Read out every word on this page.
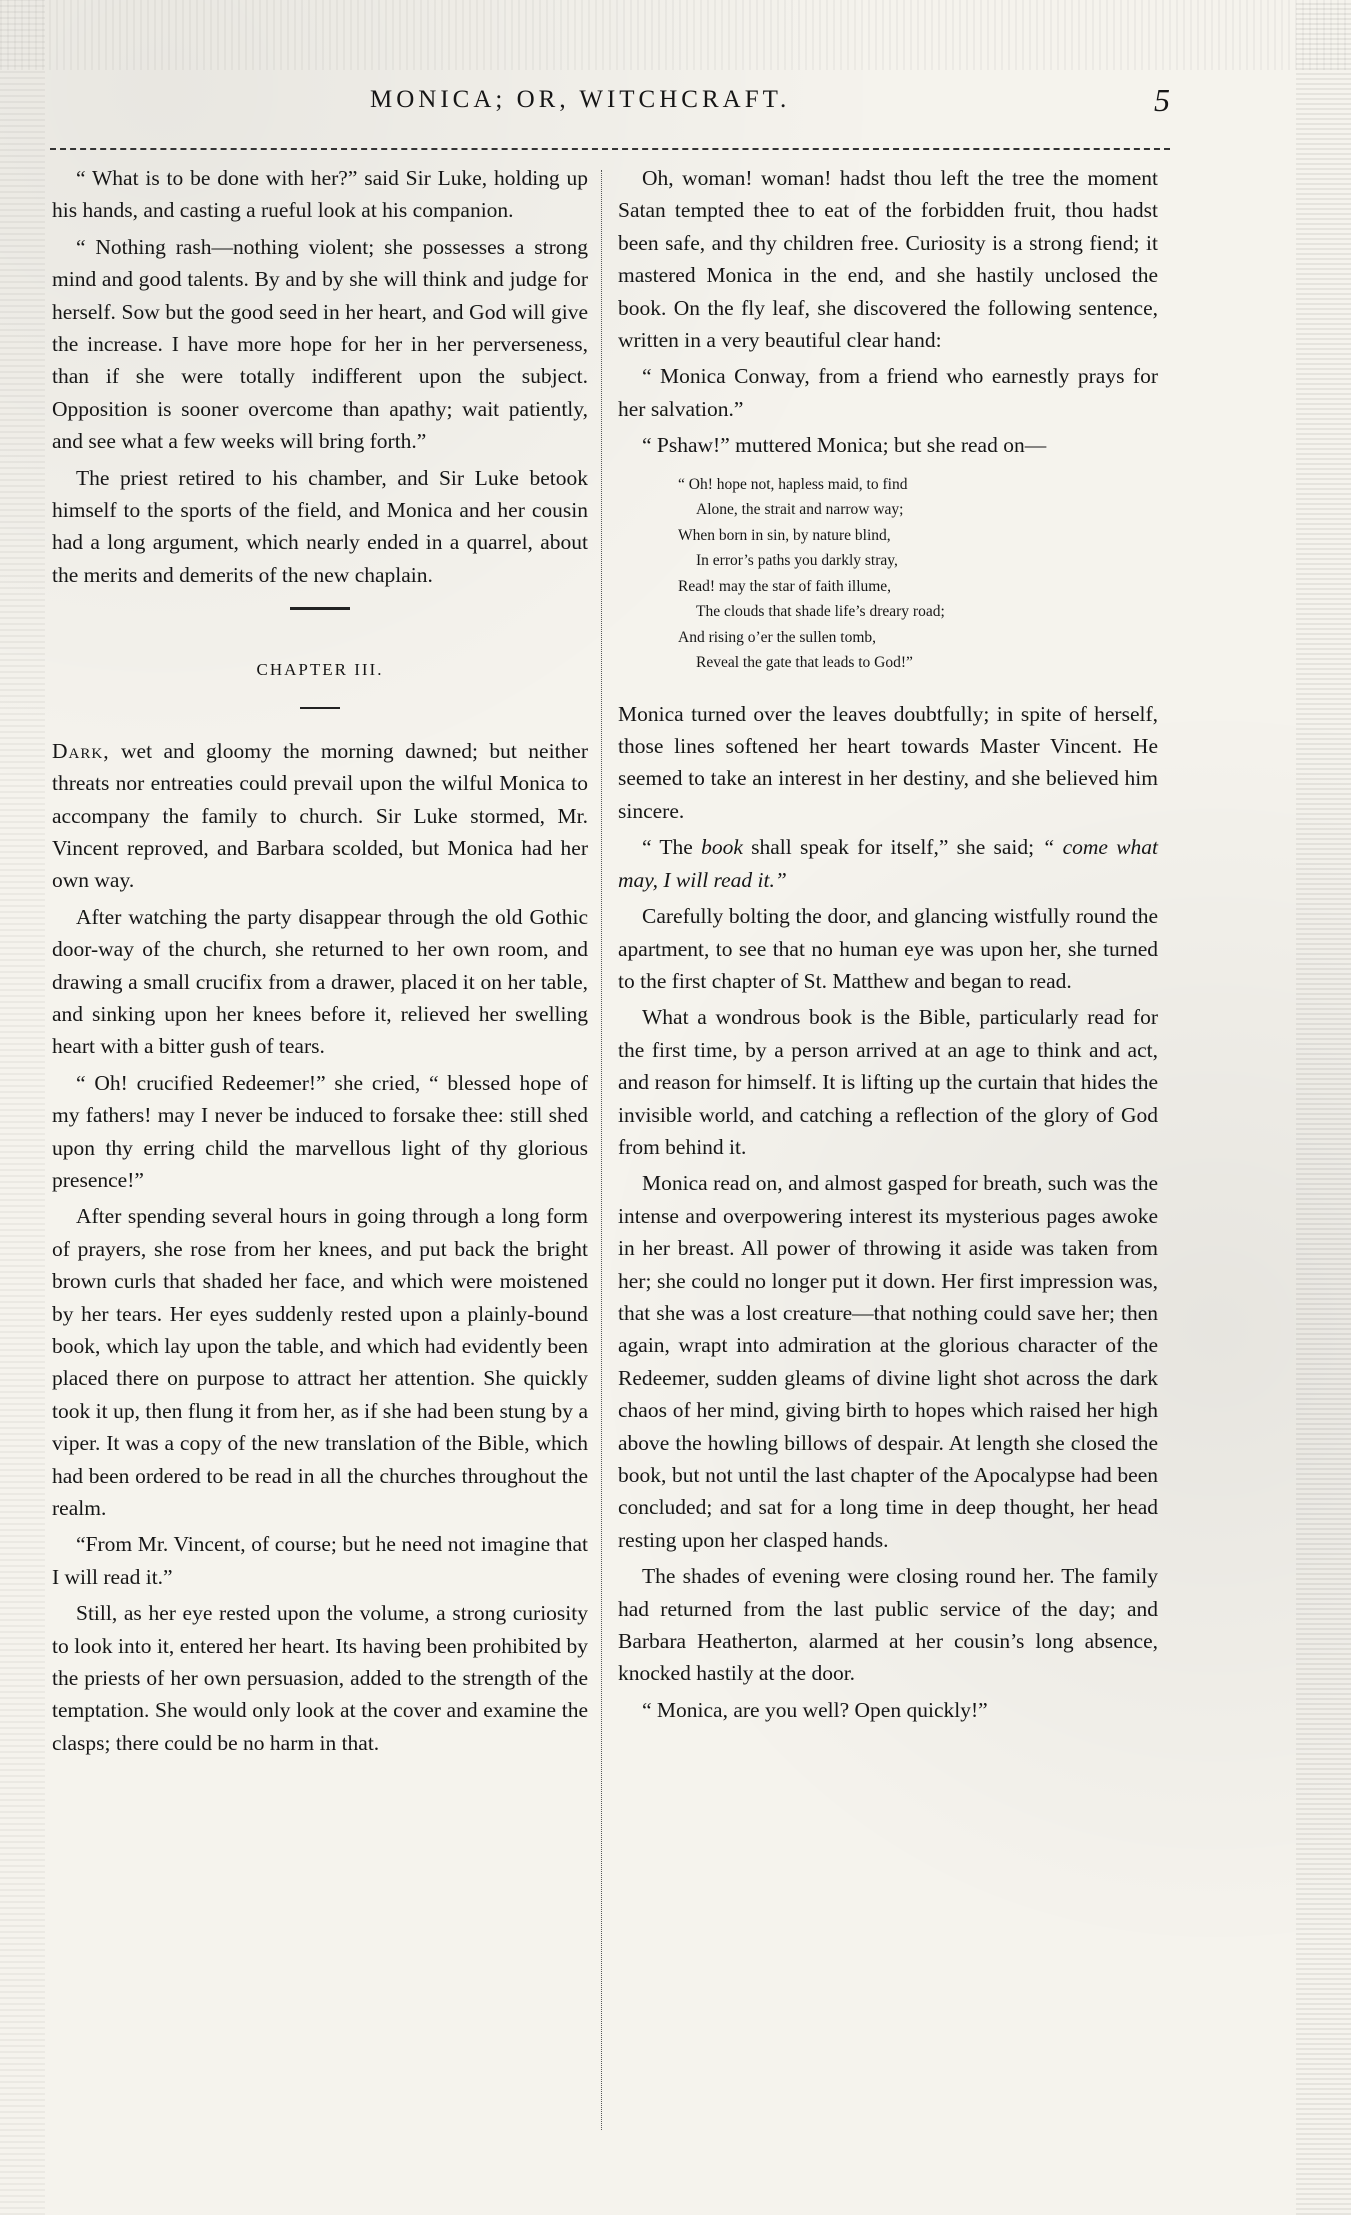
MONICA; OR, WITCHCRAFT.	5

“ What is to be done with her?” said Sir Luke, holding up his hands, and casting a rueful look at his companion.

“ Nothing rash—nothing violent; she possesses a strong mind and good talents. By and by she will think and judge for herself. Sow but the good seed in her heart, and God will give the increase. I have more hope for her in her perverseness, than if she were totally indifferent upon the subject. Opposition is sooner overcome than apathy; wait patiently, and see what a few weeks will bring forth.”

The priest retired to his chamber, and Sir Luke betook himself to the sports of the field, and Monica and her cousin had a long argument, which nearly ended in a quarrel, about the merits and demerits of the new chaplain.

CHAPTER III.

Dark, wet and gloomy the morning dawned; but neither threats nor entreaties could prevail upon the wilful Monica to accompany the family to church. Sir Luke stormed, Mr. Vincent reproved, and Barbara scolded, but Monica had her own way.

After watching the party disappear through the old Gothic door-way of the church, she returned to her own room, and drawing a small crucifix from a drawer, placed it on her table, and sinking upon her knees before it, relieved her swelling heart with a bitter gush of tears.

“ Oh! crucified Redeemer!” she cried, “ blessed hope of my fathers! may I never be induced to forsake thee: still shed upon thy erring child the marvellous light of thy glorious presence!”

After spending several hours in going through a long form of prayers, she rose from her knees, and put back the bright brown curls that shaded her face, and which were moistened by her tears. Her eyes suddenly rested upon a plainly-bound book, which lay upon the table, and which had evidently been placed there on purpose to attract her attention. She quickly took it up, then flung it from her, as if she had been stung by a viper. It was a copy of the new translation of the Bible, which had been ordered to be read in all the churches throughout the realm.

“From Mr. Vincent, of course; but he need not imagine that I will read it.”

Still, as her eye rested upon the volume, a strong curiosity to look into it, entered her heart. Its having been prohibited by the priests of her own persuasion, added to the strength of the temptation. She would only look at the cover and examine the clasps; there could be no harm in that.

Oh, woman! woman! hadst thou left the tree the moment Satan tempted thee to eat of the forbidden fruit, thou hadst been safe, and thy children free. Curiosity is a strong fiend; it mastered Monica in the end, and she hastily unclosed the book. On the fly leaf, she discovered the following sentence, written in a very beautiful clear hand:

“ Monica Conway, from a friend who earnestly prays for her salvation.”

“ Pshaw!” muttered Monica; but she read on—

“ Oh! hope not, hapless maid, to find
Alone, the strait and narrow way;
When born in sin, by nature blind,
In error’s paths you darkly stray,
Read! may the star of faith illume,
The clouds that shade life’s dreary road;
And rising o’er the sullen tomb,
Reveal the gate that leads to God!”

Monica turned over the leaves doubtfully; in spite of herself, those lines softened her heart towards Master Vincent. He seemed to take an interest in her destiny, and she believed him sincere.

“ The book shall speak for itself,” she said; “ come what may, I will read it.”

Carefully bolting the door, and glancing wistfully round the apartment, to see that no human eye was upon her, she turned to the first chapter of St. Matthew and began to read.

What a wondrous book is the Bible, particularly read for the first time, by a person arrived at an age to think and act, and reason for himself. It is lifting up the curtain that hides the invisible world, and catching a reflection of the glory of God from behind it.

Monica read on, and almost gasped for breath, such was the intense and overpowering interest its mysterious pages awoke in her breast. All power of throwing it aside was taken from her; she could no longer put it down. Her first impression was, that she was a lost creature—that nothing could save her; then again, wrapt into admiration at the glorious character of the Redeemer, sudden gleams of divine light shot across the dark chaos of her mind, giving birth to hopes which raised her high above the howling billows of despair. At length she closed the book, but not until the last chapter of the Apocalypse had been concluded; and sat for a long time in deep thought, her head resting upon her clasped hands.

The shades of evening were closing round her. The family had returned from the last public service of the day; and Barbara Heatherton, alarmed at her cousin’s long absence, knocked hastily at the door.

“ Monica, are you well? Open quickly!”
